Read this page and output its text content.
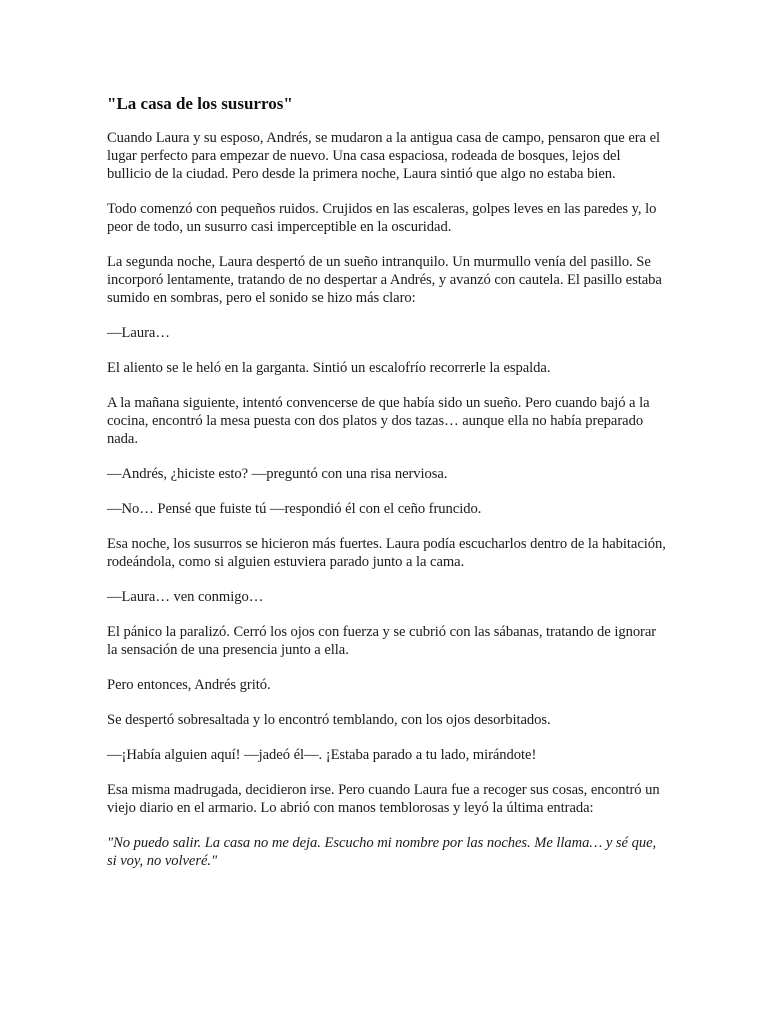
"La casa de los susurros"

Cuando Laura y su esposo, Andrés, se mudaron a la antigua casa de campo, pensaron que era el lugar perfecto para empezar de nuevo. Una casa espaciosa, rodeada de bosques, lejos del bullicio de la ciudad. Pero desde la primera noche, Laura sintió que algo no estaba bien.

Todo comenzó con pequeños ruidos. Crujidos en las escaleras, golpes leves en las paredes y, lo peor de todo, un susurro casi imperceptible en la oscuridad.

La segunda noche, Laura despertó de un sueño intranquilo. Un murmullo venía del pasillo. Se incorporó lentamente, tratando de no despertar a Andrés, y avanzó con cautela. El pasillo estaba sumido en sombras, pero el sonido se hizo más claro:

—Laura…

El aliento se le heló en la garganta. Sintió un escalofrío recorrerle la espalda.

A la mañana siguiente, intentó convencerse de que había sido un sueño. Pero cuando bajó a la cocina, encontró la mesa puesta con dos platos y dos tazas… aunque ella no había preparado nada.

—Andrés, ¿hiciste esto? —preguntó con una risa nerviosa.

—No… Pensé que fuiste tú —respondió él con el ceño fruncido.

Esa noche, los susurros se hicieron más fuertes. Laura podía escucharlos dentro de la habitación, rodeándola, como si alguien estuviera parado junto a la cama.

—Laura… ven conmigo…

El pánico la paralizó. Cerró los ojos con fuerza y se cubrió con las sábanas, tratando de ignorar la sensación de una presencia junto a ella.

Pero entonces, Andrés gritó.

Se despertó sobresaltada y lo encontró temblando, con los ojos desorbitados.

—¡Había alguien aquí! —jadeó él—. ¡Estaba parado a tu lado, mirándote!

Esa misma madrugada, decidieron irse. Pero cuando Laura fue a recoger sus cosas, encontró un viejo diario en el armario. Lo abrió con manos temblorosas y leyó la última entrada:

"No puedo salir. La casa no me deja. Escucho mi nombre por las noches. Me llama… y sé que, si voy, no volveré."
